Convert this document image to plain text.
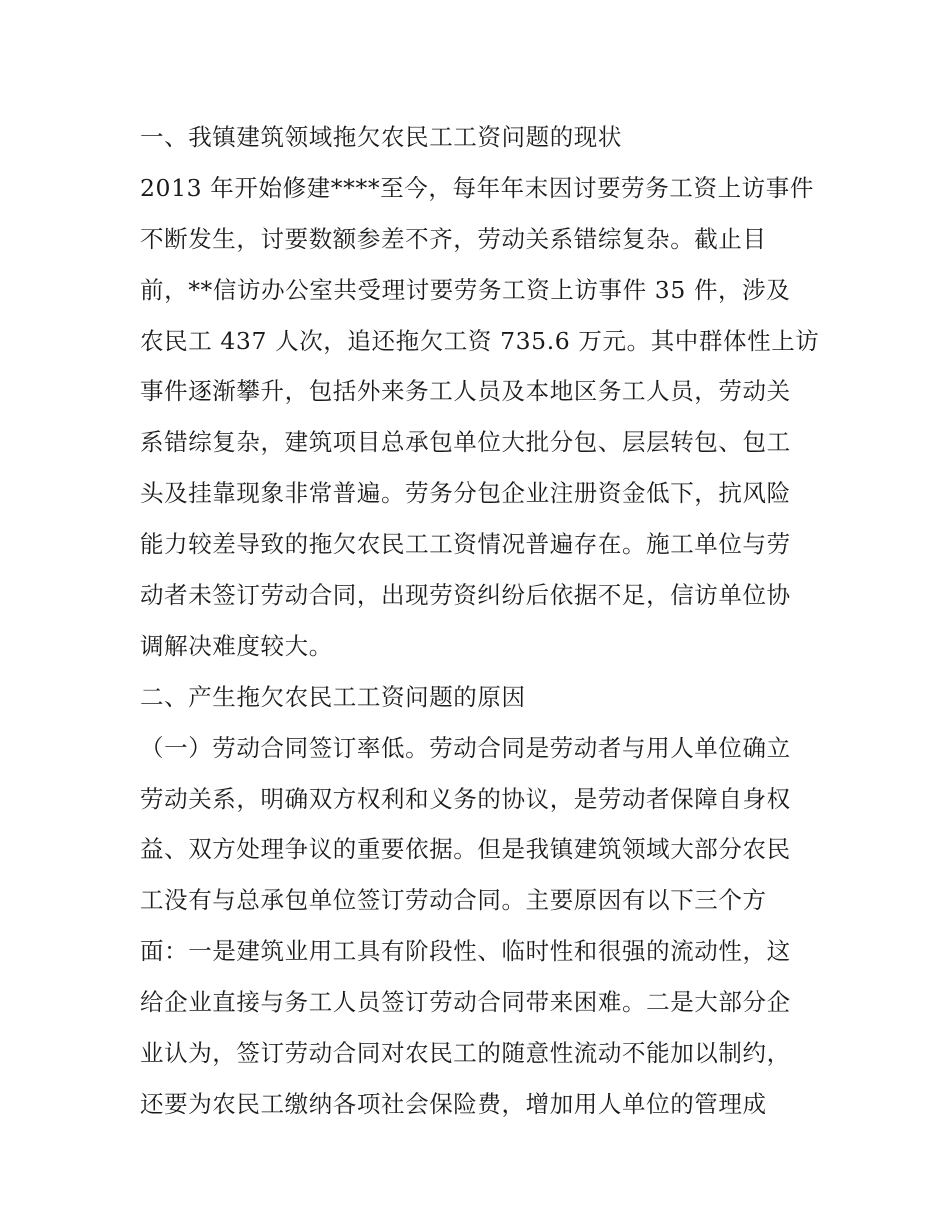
一、我镇建筑领域拖欠农民工工资问题的现状
2013 年开始修建****至今，每年年末因讨要劳务工资上访事件
不断发生，讨要数额参差不齐，劳动关系错综复杂。截止目
前，**信访办公室共受理讨要劳务工资上访事件 35 件，涉及
农民工 437 人次，追还拖欠工资 735.6 万元。其中群体性上访
事件逐渐攀升，包括外来务工人员及本地区务工人员，劳动关
系错综复杂，建筑项目总承包单位大批分包、层层转包、包工
头及挂靠现象非常普遍。劳务分包企业注册资金低下，抗风险
能力较差导致的拖欠农民工工资情况普遍存在。施工单位与劳
动者未签订劳动合同，出现劳资纠纷后依据不足，信访单位协
调解决难度较大。
二、产生拖欠农民工工资问题的原因
（一）劳动合同签订率低。劳动合同是劳动者与用人单位确立
劳动关系，明确双方权利和义务的协议，是劳动者保障自身权
益、双方处理争议的重要依据。但是我镇建筑领域大部分农民
工没有与总承包单位签订劳动合同。主要原因有以下三个方
面：一是建筑业用工具有阶段性、临时性和很强的流动性，这
给企业直接与务工人员签订劳动合同带来困难。二是大部分企
业认为，签订劳动合同对农民工的随意性流动不能加以制约，
还要为农民工缴纳各项社会保险费，增加用人单位的管理成
